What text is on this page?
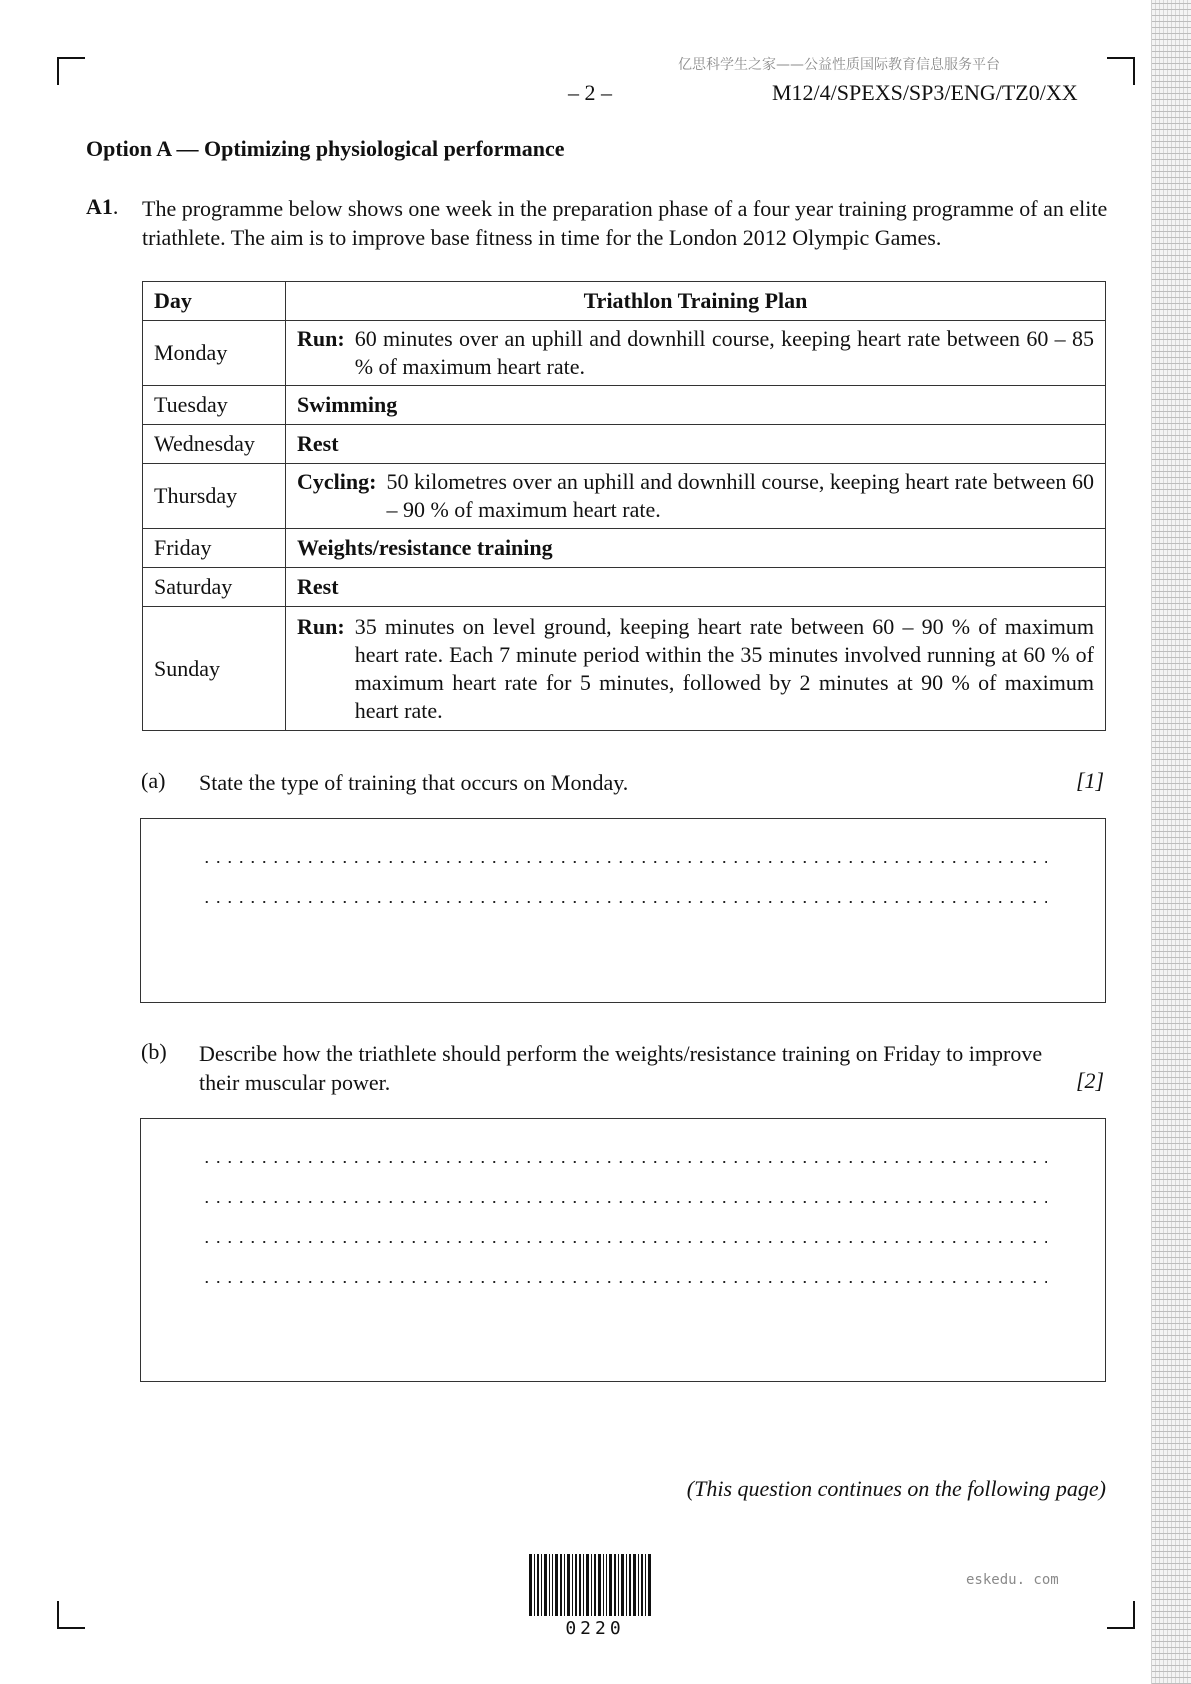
亿思科学生之家——公益性质国际教育信息服务平台
– 2 –	M12/4/SPEXS/SP3/ENG/TZ0/XX
Option A — Optimizing physiological performance
A1. The programme below shows one week in the preparation phase of a four year training programme of an elite triathlete. The aim is to improve base fitness in time for the London 2012 Olympic Games.
Day	Triathlon Training Plan
Monday	Run: 60 minutes over an uphill and downhill course, keeping heart rate between 60 – 85 % of maximum heart rate.

Tuesday	Swimming
Wednesday	Rest
Thursday	Cycling: 50 kilometres over an uphill and downhill course, keeping heart rate between 60 – 90 % of maximum heart rate.

Friday	Weights/resistance training
Saturday	Rest
Sunday	Run: 35 minutes on level ground, keeping heart rate between 60 – 90 % of maximum heart rate. Each 7 minute period within the 35 minutes involved running at 60 % of maximum heart rate for 5 minutes, followed by 2 minutes at 90 % of maximum heart rate.
(a) State the type of training that occurs on Monday.	[1]
(b) Describe how the triathlete should perform the weights/resistance training on Friday to improve their muscular power.	[2]
(This question continues on the following page)
0220
eskedu. com
